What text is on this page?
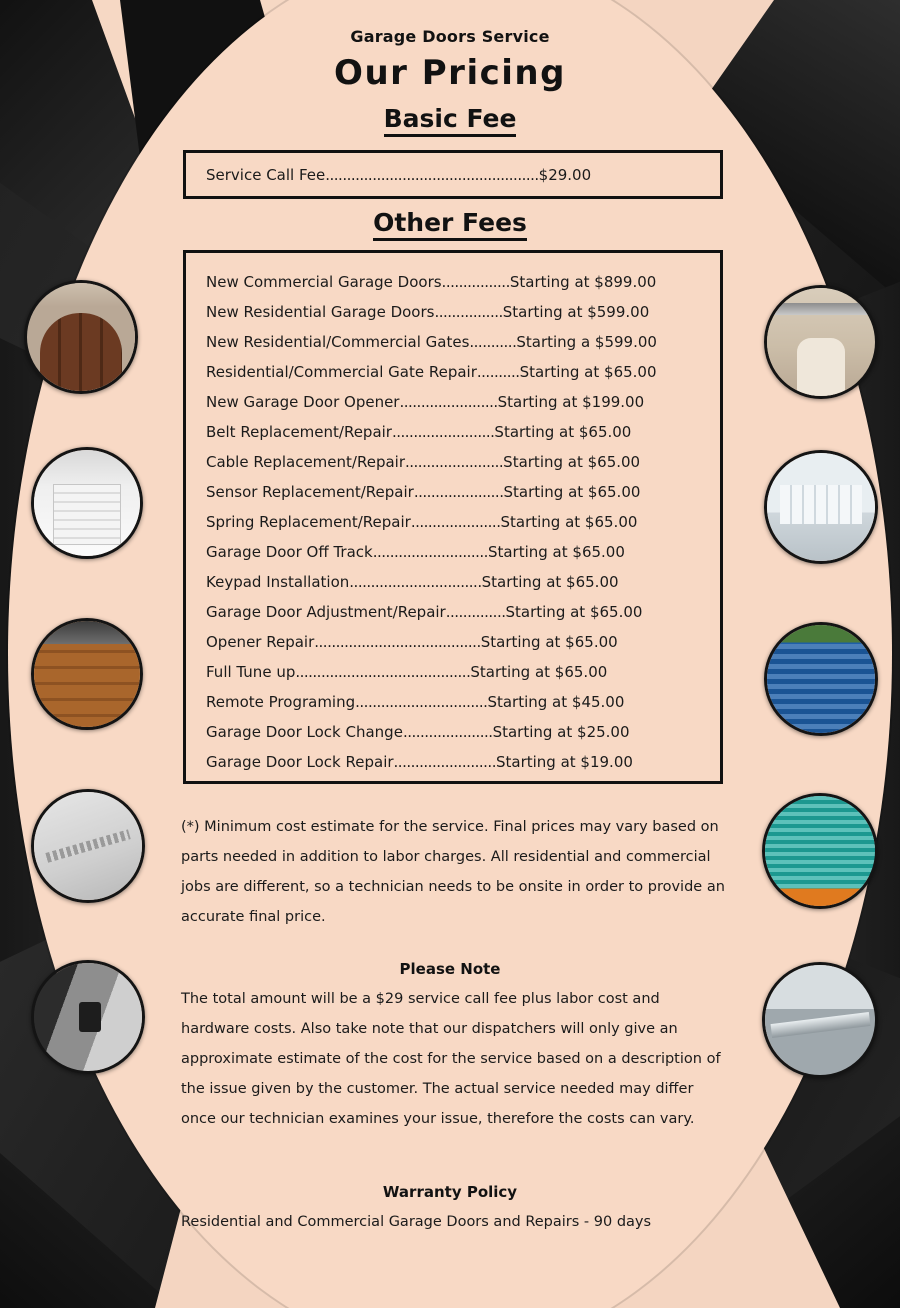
Garage Doors Service
Our Pricing
Basic Fee
Service Call Fee..................................................$29.00
Other Fees
New Commercial Garage Doors................Starting at $899.00
New Residential Garage Doors................Starting at $599.00
New Residential/Commercial Gates...........Starting a $599.00
Residential/Commercial Gate Repair..........Starting at $65.00
New Garage Door Opener.......................Starting at $199.00
Belt Replacement/Repair........................Starting at $65.00
Cable Replacement/Repair.......................Starting at $65.00
Sensor Replacement/Repair.....................Starting at $65.00
Spring Replacement/Repair.....................Starting at $65.00
Garage Door Off Track...........................Starting at $65.00
Keypad Installation...............................Starting at $65.00
Garage Door Adjustment/Repair..............Starting at $65.00
Opener Repair.......................................Starting at $65.00
Full Tune up.........................................Starting at $65.00
Remote Programing...............................Starting at $45.00
Garage Door Lock Change.....................Starting at $25.00
Garage Door Lock Repair........................Starting at $19.00
(*) Minimum cost estimate for the service. Final prices may vary based on parts needed in addition to labor charges. All residential and commercial jobs are different, so a technician needs to be onsite in order to provide an accurate final price.
Please Note
The total amount will be a $29 service call fee plus labor cost and hardware costs. Also take note that our dispatchers will only give an approximate estimate of the cost for the service based on a description of the issue given by the customer. The actual service needed may differ once our technician examines your issue, therefore the costs can vary.
Warranty Policy
Residential and Commercial Garage Doors and Repairs - 90 days
